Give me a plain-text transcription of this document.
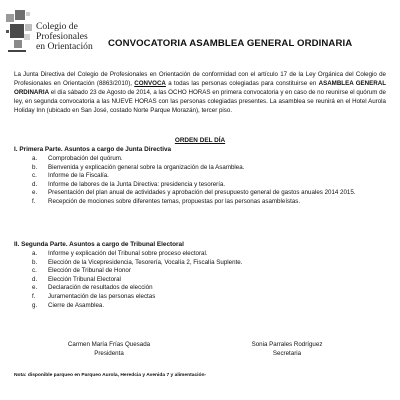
Colegio de
Profesionales
en Orientación CONVOCATORIA ASAMBLEA GENERAL ORDINARIA
La Junta Directiva del Colegio de Profesionales en Orientación de conformidad con el artículo 17 de la Ley Orgánica del Colegio de Profesionales en Orientación (8863/2010), CONVOCA a todas las personas colegiadas para constituirse en ASAMBLEA GENERAL ORDINARIA el día sábado 23 de Agosto de 2014, a las OCHO HORAS en primera convocatoria y en caso de no reunirse el quórum de ley, en segunda convocatoria a las NUEVE HORAS con las personas colegiadas presentes. La asamblea se reunirá en el Hotel Aurola Holiday Inn (ubicado en San José, costado Norte Parque Morazán), tercer piso.
ORDEN DEL DÍA
I. Primera Parte. Asuntos a cargo de Junta Directiva
a. Comprobación del quórum.
b. Bienvenida y explicación general sobre la organización de la Asamblea.
c. Informe de la Fiscalía.
d. Informe de labores de la Junta Directiva: presidencia y tesorería.
e. Presentación del plan anual de actividades y aprobación del presupuesto general de gastos anuales 2014 2015.
f. Recepción de mociones sobre diferentes temas, propuestas por las personas asambleístas.
II. Segunda Parte. Asuntos a cargo de Tribunal Electoral
a. Informe y explicación del Tribunal sobre proceso electoral.
b. Elección de la Vicepresidencia, Tesorería, Vocalía 2, Fiscalía Suplente.
c. Elección de Tribunal de Honor
d. Elección Tribunal Electoral
e. Declaración de resultados de elección
f. Juramentación de las personas electas
g. Cierre de Asamblea.
Carmen María Frías Quesada
Presidenta
Sonia Parrales Rodríguez
Secretaria
Nota: disponible parqueo en Parqueo Aurola, Heredcia y Avenida 7 y alimentación-
